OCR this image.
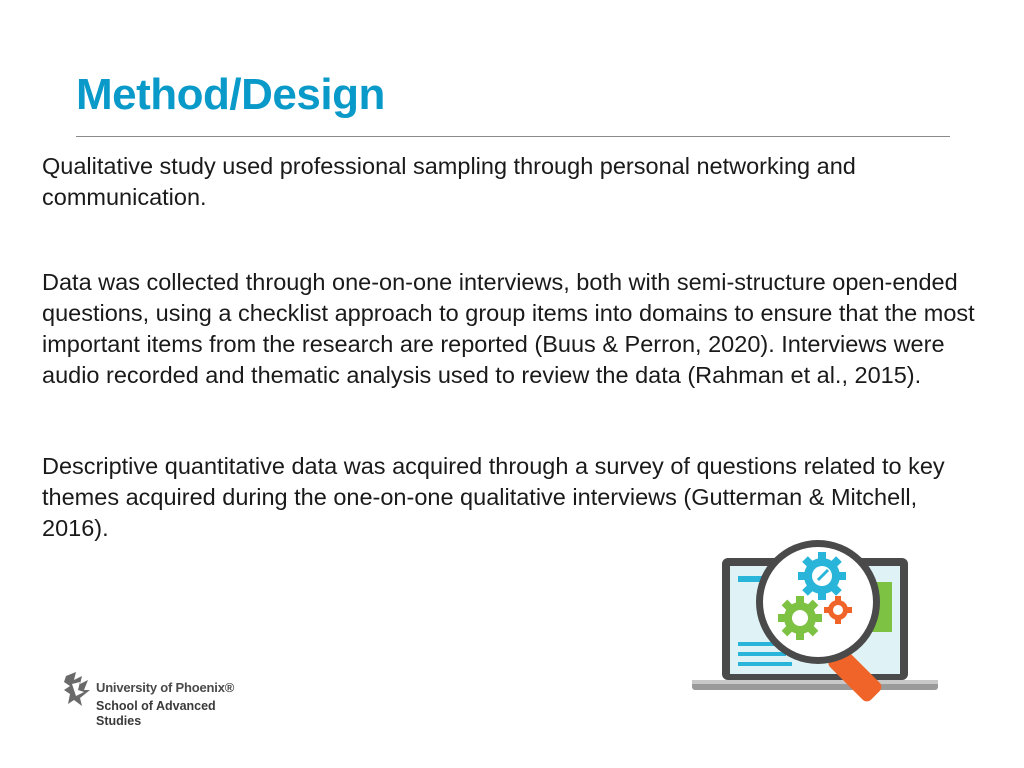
Method/Design

Qualitative study used professional sampling through personal networking and communication.

Data was collected through one-on-one interviews, both with semi-structure open-ended questions, using a checklist approach to group items into domains to ensure that the most important items from the research are reported (Buus & Perron, 2020). Interviews were audio recorded and thematic analysis used to review the data (Rahman et al., 2015).

Descriptive quantitative data was acquired through a survey of questions related to key themes acquired during the one-on-one qualitative interviews (Gutterman & Mitchell, 2016).

University of Phoenix®
School of Advanced
Studies
